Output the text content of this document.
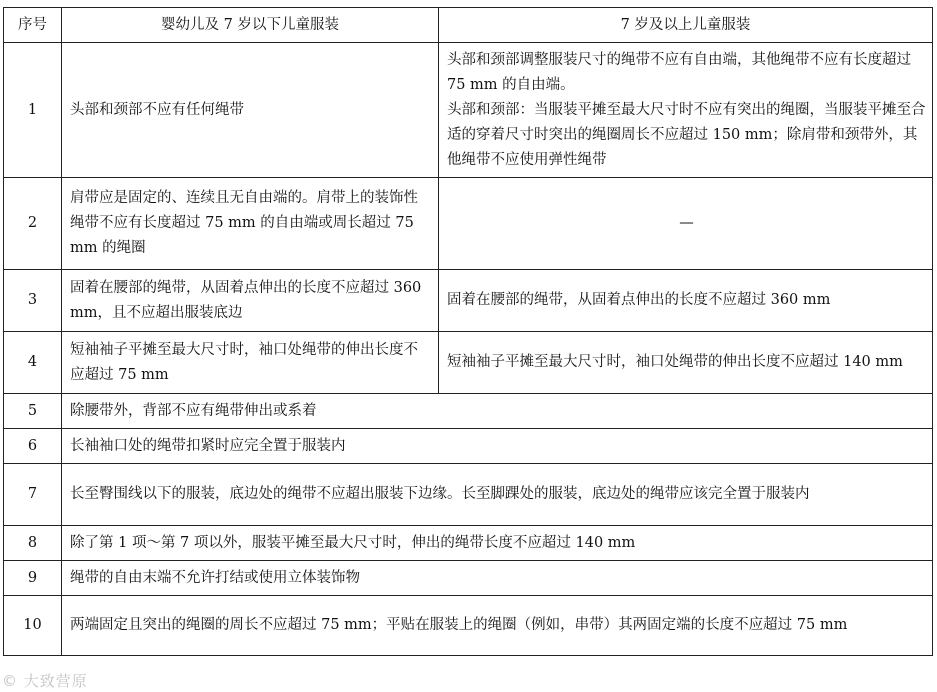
序号	婴幼儿及 7 岁以下儿童服装	7 岁及以上儿童服装
1	头部和颈部不应有任何绳带	头部和颈部调整服装尺寸的绳带不应有自由端，其他绳带不应有长度超过 75 mm 的自由端。
头部和颈部：当服装平摊至最大尺寸时不应有突出的绳圈，当服装平摊至合适的穿着尺寸时突出的绳圈周长不应超过 150 mm；除肩带和颈带外，其他绳带不应使用弹性绳带

2	肩带应是固定的、连续且无自由端的。肩带上的装饰性绳带不应有长度超过 75 mm 的自由端或周长超过 75 mm 的绳圈	—
3	固着在腰部的绳带，从固着点伸出的长度不应超过 360 mm，且不应超出服装底边	固着在腰部的绳带，从固着点伸出的长度不应超过 360 mm
4	短袖袖子平摊至最大尺寸时，袖口处绳带的伸出长度不应超过 75 mm	短袖袖子平摊至最大尺寸时，袖口处绳带的伸出长度不应超过 140 mm
5	除腰带外，背部不应有绳带伸出或系着	
6	长袖袖口处的绳带扣紧时应完全置于服装内	
7	长至臀围线以下的服装，底边处的绳带不应超出服装下边缘。长至脚踝处的服装，底边处的绳带应该完全置于服装内	
8	除了第 1 项～第 7 项以外，服装平摊至最大尺寸时，伸出的绳带长度不应超过 140 mm	
9	绳带的自由末端不允许打结或使用立体装饰物	
10	两端固定且突出的绳圈的周长不应超过 75 mm；平贴在服装上的绳圈（例如，串带）其两固定端的长度不应超过 75 mm	
© 大致营原
